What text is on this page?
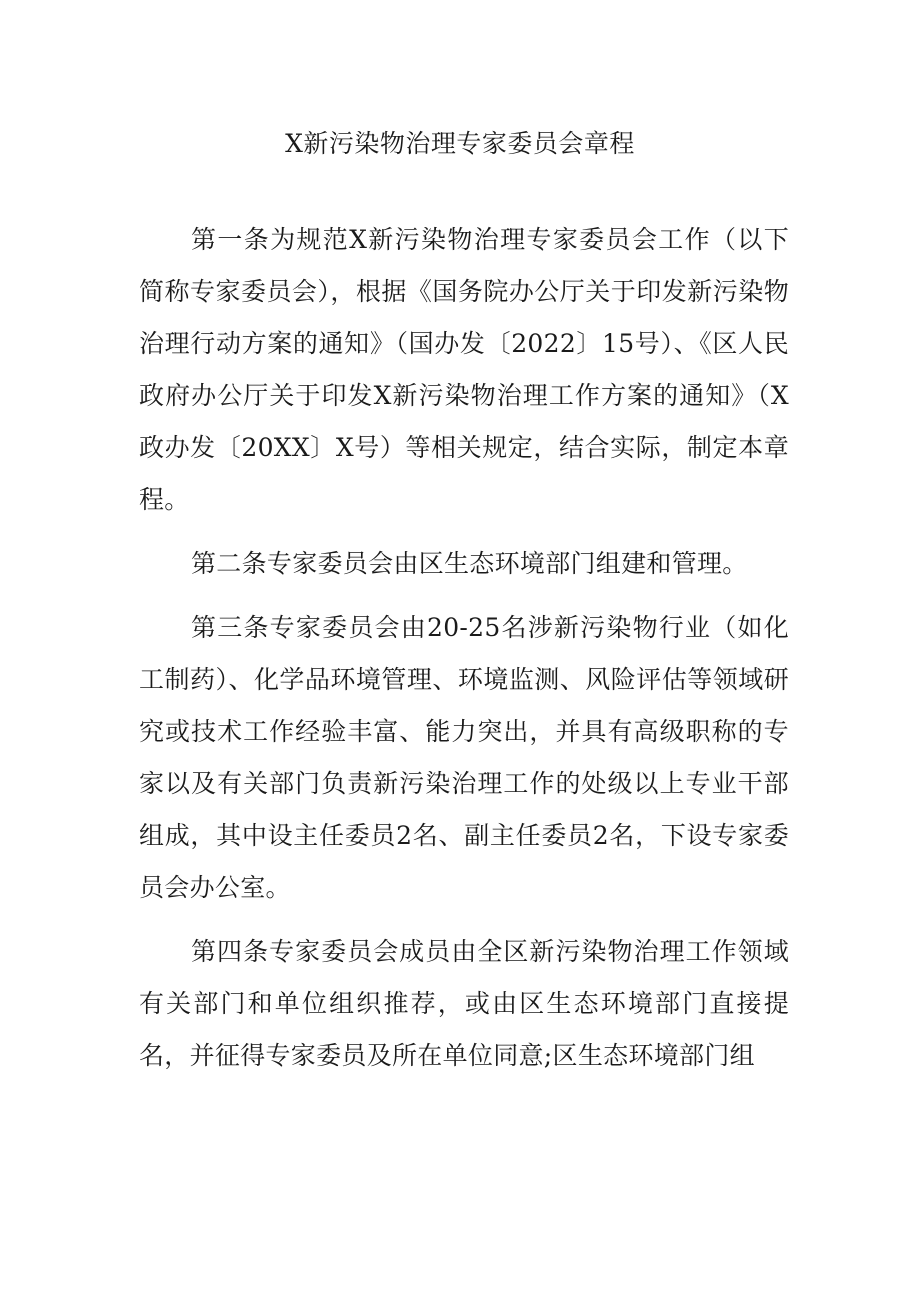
X新污染物治理专家委员会章程

第一条为规范X新污染物治理专家委员会工作（以下简称专家委员会），根据《国务院办公厅关于印发新污染物治理行动方案的通知》（国办发〔2022〕15号）、《区人民政府办公厅关于印发X新污染物治理工作方案的通知》（X政办发〔20XX〕X号）等相关规定，结合实际，制定本章程。

第二条专家委员会由区生态环境部门组建和管理。

第三条专家委员会由20-25名涉新污染物行业（如化工制药）、化学品环境管理、环境监测、风险评估等领域研究或技术工作经验丰富、能力突出，并具有高级职称的专家以及有关部门负责新污染治理工作的处级以上专业干部组成，其中设主任委员2名、副主任委员2名，下设专家委员会办公室。

第四条专家委员会成员由全区新污染物治理工作领域有关部门和单位组织推荐，或由区生态环境部门直接提名，并征得专家委员及所在单位同意;区生态环境部门组
